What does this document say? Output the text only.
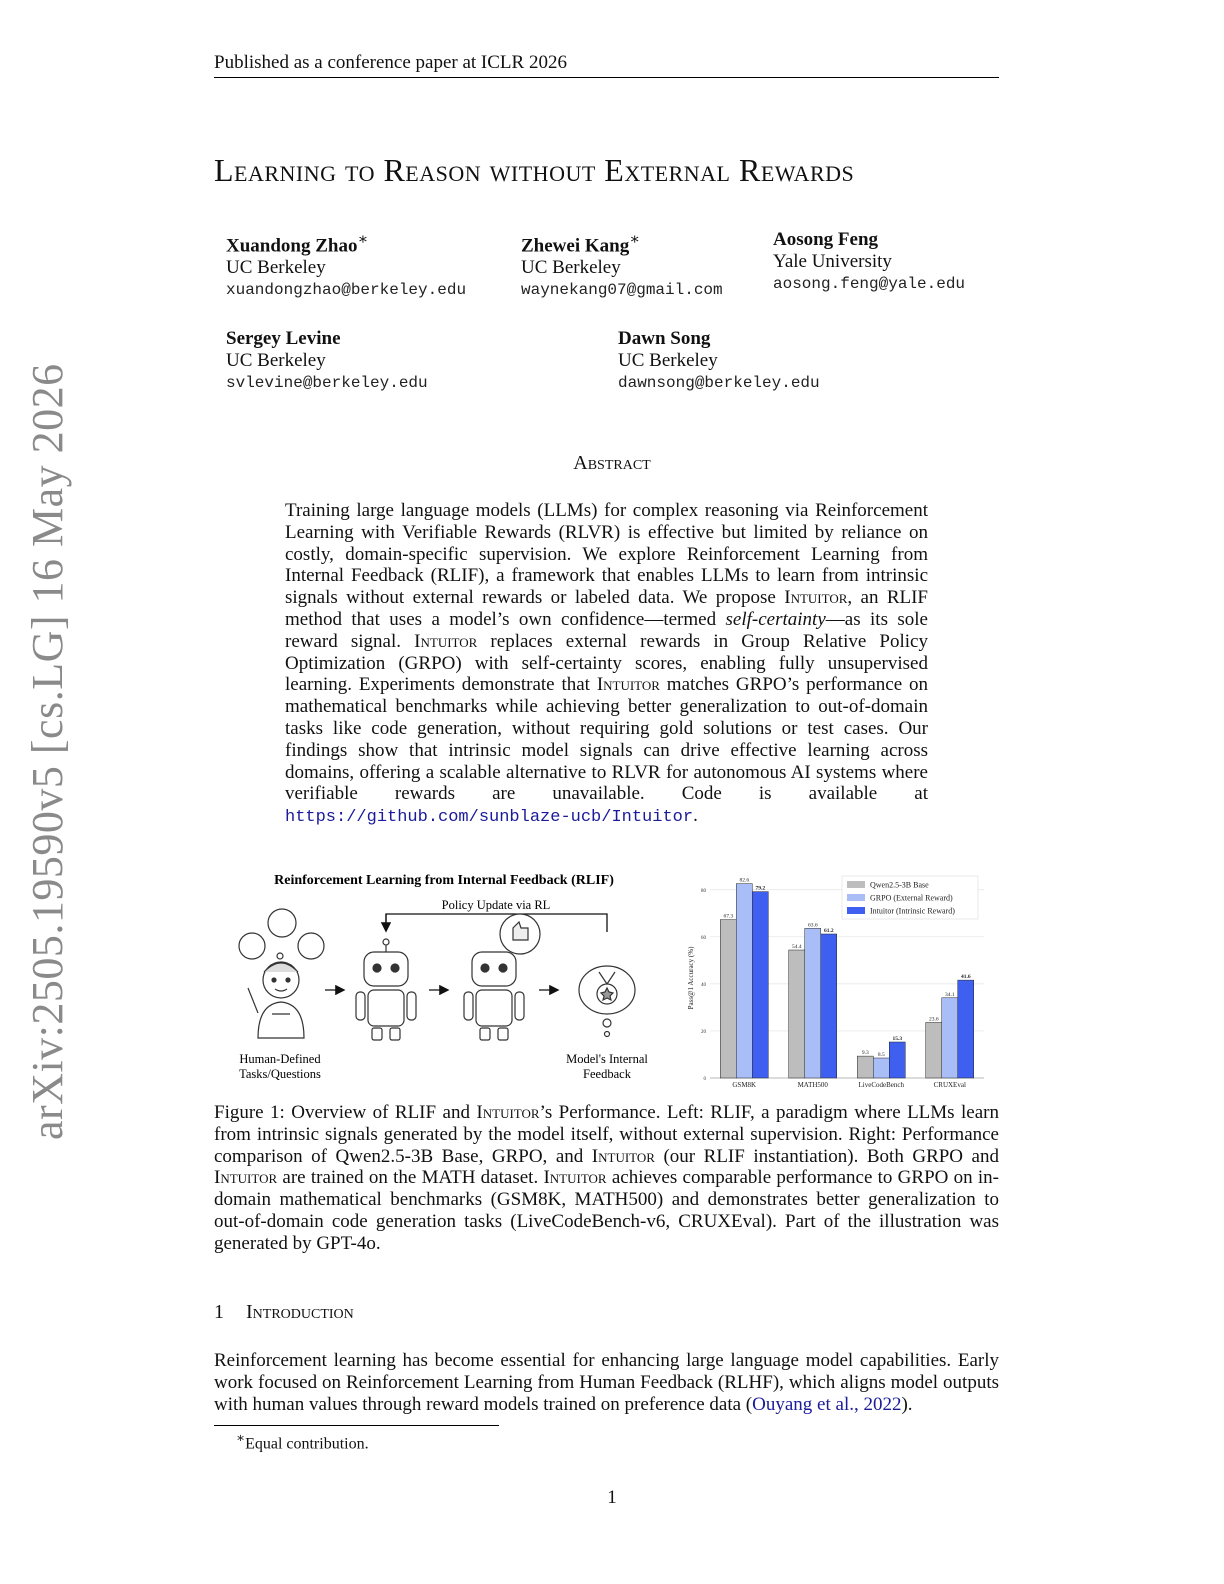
Published as a conference paper at ICLR 2026
Learning to Reason without External Rewards
Xuandong Zhao∗
UC Berkeley
xuandongzhao@berkeley.edu
Zhewei Kang∗
UC Berkeley
waynekang07@gmail.com
Aosong Feng
Yale University
aosong.feng@yale.edu
Sergey Levine
UC Berkeley
svlevine@berkeley.edu
Dawn Song
UC Berkeley
dawnsong@berkeley.edu
arXiv:2505.19590v5 [cs.LG] 16 May 2026	Abstract
Training large language models (LLMs) for complex reasoning via Reinforcement Learning with Verifiable Rewards (RLVR) is effective but limited by reliance on costly, domain-specific supervision. We explore Reinforcement Learning from Internal Feedback (RLIF), a framework that enables LLMs to learn from intrinsic signals without external rewards or labeled data. We propose Intuitor, an RLIF method that uses a model’s own confidence—termed self-certainty—as its sole reward signal. Intuitor replaces external rewards in Group Relative Policy Optimization (GRPO) with self-certainty scores, enabling fully unsupervised learning. Experiments demonstrate that Intuitor matches GRPO’s performance on mathematical benchmarks while achieving better generalization to out-of-domain tasks like code generation, without requiring gold solutions or test cases. Our findings show that intrinsic model signals can drive effective learning across domains, offering a scalable alternative to RLVR for autonomous AI systems where verifiable rewards are unavailable. Code is available at https://github.com/sunblaze-ucb/Intuitor.
Reinforcement Learning from Internal Feedback (RLIF)
Policy Update via RL
Human-Defined
Tasks/Questions
Model's Internal
Feedback	0
20
40
60
80
Pass@1 Accuracy (%)
GSM8K	MATH500	LiveCodeBench	CRUXEval
67.3
82.6
79.2
54.4
63.6
61.2
9.3 8.5
15.3
23.6
34.1
41.6
Qwen2.5-3B Base
GRPO (External Reward)
Intuitor (Intrinsic Reward)
Figure 1: Overview of RLIF and Intuitor’s Performance. Left: RLIF, a paradigm where LLMs learn from intrinsic signals generated by the model itself, without external supervision. Right: Performance comparison of Qwen2.5-3B Base, GRPO, and Intuitor (our RLIF instantiation). Both GRPO and Intuitor are trained on the MATH dataset. Intuitor achieves comparable performance to GRPO on in-domain mathematical benchmarks (GSM8K, MATH500) and demonstrates better generalization to out-of-domain code generation tasks (LiveCodeBench-v6, CRUXEval). Part of the illustration was generated by GPT-4o.
1 Introduction
Reinforcement learning has become essential for enhancing large language model capabilities. Early work focused on Reinforcement Learning from Human Feedback (RLHF), which aligns model outputs with human values through reward models trained on preference data (Ouyang et al., 2022).
∗Equal contribution.
1
